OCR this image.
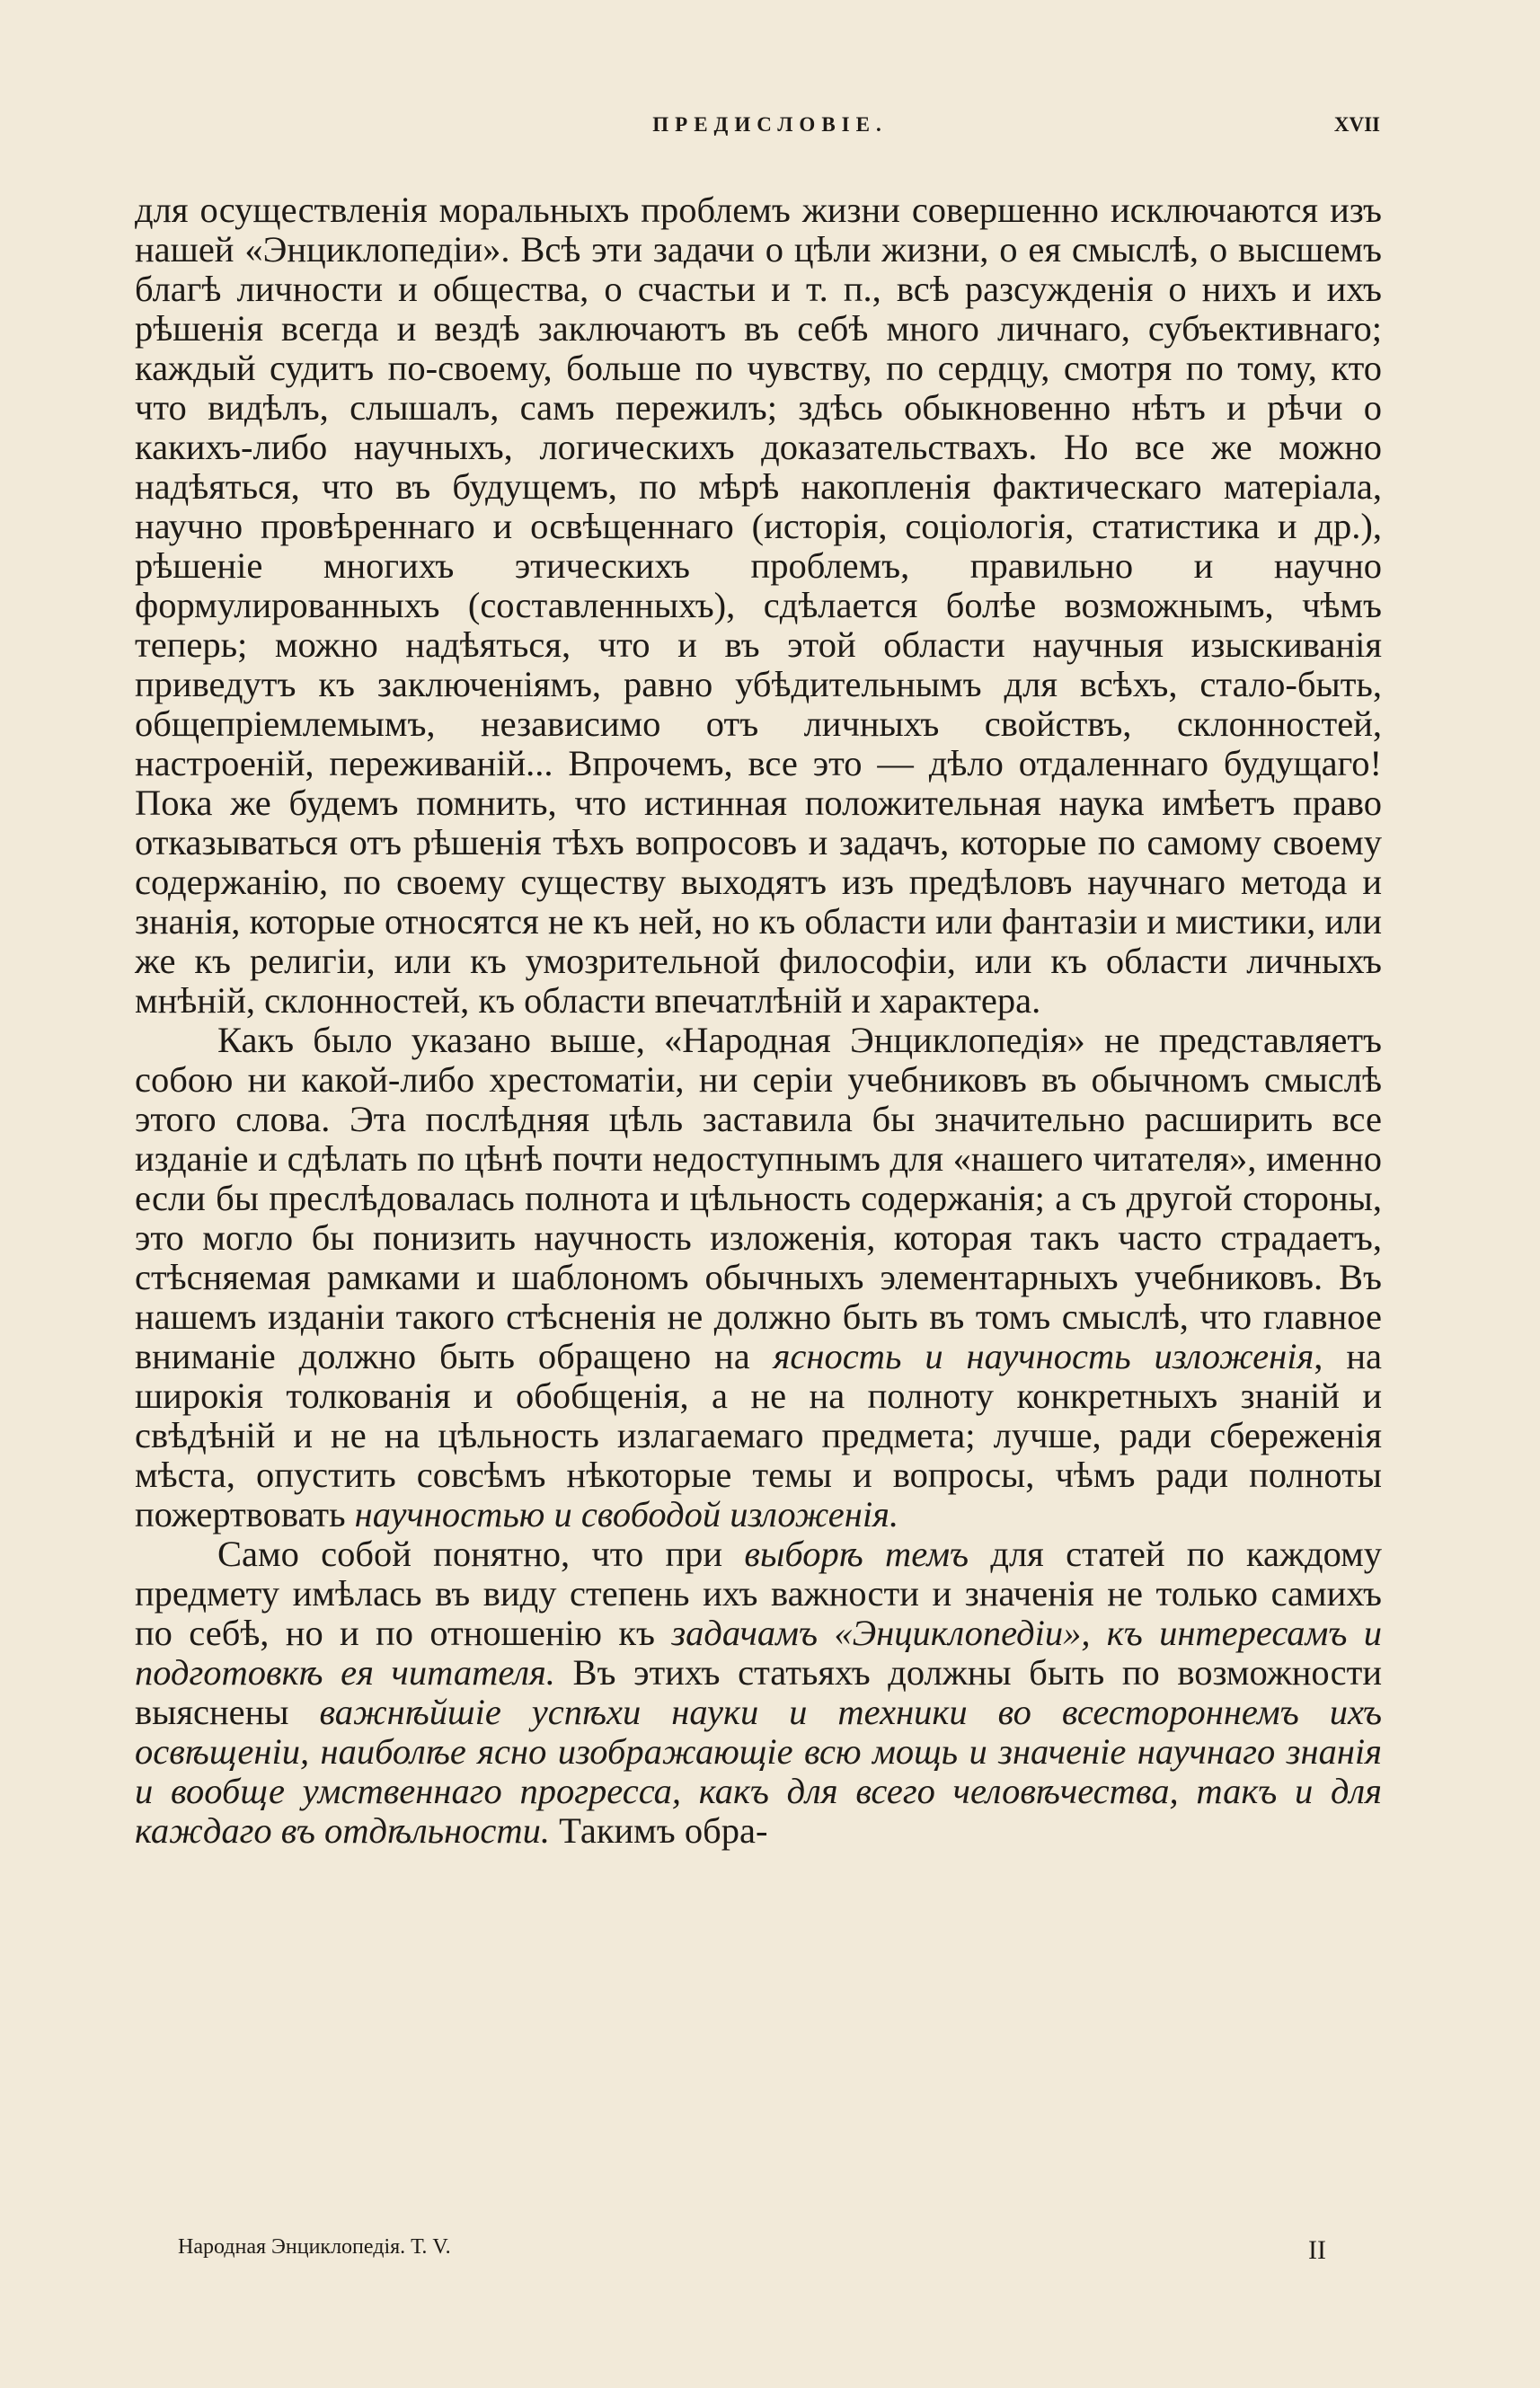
ПРЕДИСЛОВІЕ.	XVII

для осуществленія моральныхъ проблемъ жизни совершенно исключаются изъ нашей «Энциклопедіи». Всѣ эти задачи о цѣли жизни, о ея смыслѣ, о высшемъ благѣ личности и общества, о счастьи и т. п., всѣ разсужденія о нихъ и ихъ рѣшенія всегда и вездѣ заключаютъ въ себѣ много личнаго, субъективнаго; каждый судитъ по-своему, больше по чувству, по сердцу, смотря по тому, кто что видѣлъ, слышалъ, самъ пережилъ; здѣсь обыкновенно нѣтъ и рѣчи о какихъ-либо научныхъ, логическихъ доказательствахъ. Но все же можно надѣяться, что въ будущемъ, по мѣрѣ накопленія фактическаго матеріала, научно провѣреннаго и освѣщеннаго (исторія, соціологія, статистика и др.), рѣшеніе многихъ этическихъ проблемъ, правильно и научно формулированныхъ (составленныхъ), сдѣлается болѣе возможнымъ, чѣмъ теперь; можно надѣяться, что и въ этой области научныя изыскиванія приведутъ къ заключеніямъ, равно убѣдительнымъ для всѣхъ, стало-быть, общепріемлемымъ, независимо отъ личныхъ свойствъ, склонностей, настроеній, переживаній... Впрочемъ, все это — дѣло отдаленнаго будущаго! Пока же будемъ помнить, что истинная положительная наука имѣетъ право отказываться отъ рѣшенія тѣхъ вопросовъ и задачъ, которые по самому своему содержанію, по своему существу выходятъ изъ предѣловъ научнаго метода и знанія, которые относятся не къ ней, но къ области или фантазіи и мистики, или же къ религіи, или къ умозрительной философіи, или къ области личныхъ мнѣній, склонностей, къ области впечатлѣній и характера.

Какъ было указано выше, «Народная Энциклопедія» не представляетъ собою ни какой-либо хрестоматіи, ни серіи учебниковъ въ обычномъ смыслѣ этого слова. Эта послѣдняя цѣль заставила бы значительно расширить все изданіе и сдѣлать по цѣнѣ почти недоступнымъ для «нашего читателя», именно если бы преслѣдовалась полнота и цѣльность содержанія; а съ другой стороны, это могло бы понизить научность изложенія, которая такъ часто страдаетъ, стѣсняемая рамками и шаблономъ обычныхъ элементарныхъ учебниковъ. Въ нашемъ изданіи такого стѣсненія не должно быть въ томъ смыслѣ, что главное вниманіе должно быть обращено на ясность и научность изложенія, на широкія толкованія и обобщенія, а не на полноту конкретныхъ знаній и свѣдѣній и не на цѣльность излагаемаго предмета; лучше, ради сбереженія мѣста, опустить совсѣмъ нѣкоторые темы и вопросы, чѣмъ ради полноты пожертвовать научностью и свободой изложенія.

Само собой понятно, что при выборѣ темъ для статей по каждому предмету имѣлась въ виду степень ихъ важности и значенія не только самихъ по себѣ, но и по отношенію къ задачамъ «Энциклопедіи», къ интересамъ и подготовкѣ ея читателя. Въ этихъ статьяхъ должны быть по возможности выяснены важнѣйшіе успѣхи науки и техники во всестороннемъ ихъ освѣщеніи, наиболѣе ясно изображающіе всю мощь и значеніе научнаго знанія и вообще умственнаго прогресса, какъ для всего человѣчества, такъ и для каждаго въ отдѣльности. Такимъ обра-

Народная Энциклопедія. Т. V.	II
